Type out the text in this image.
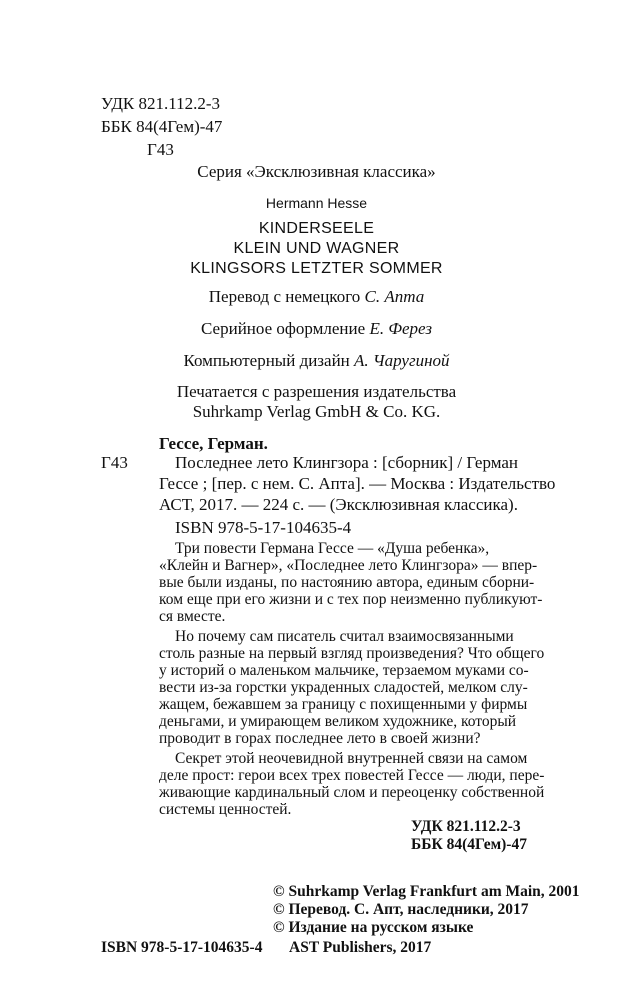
УДК 821.112.2-3
ББК 84(4Гем)-47
Г43
Серия «Эксклюзивная классика»
Hermann Hesse
KINDERSEELE
KLEIN UND WAGNER
KLINGSORS LETZTER SOMMER
Перевод с немецкого С. Апта
Серийное оформление Е. Ферез
Компьютерный дизайн А. Чаругиной
Печатается с разрешения издательства
Suhrkamp Verlag GmbH & Co. KG.
Гессе, Герман.
Г43	Последнее лето Клингзора : [сборник] / Герман
Гессе ; [пер. с нем. С. Апта]. — Москва : Издательство
АСТ, 2017. — 224 с. — (Эксклюзивная классика).
ISBN 978-5-17-104635-4
Три повести Германа Гессе — «Душа ребенка»,
«Клейн и Вагнер», «Последнее лето Клингзора» — впер-
вые были изданы, по настоянию автора, единым сборни-
ком еще при его жизни и с тех пор неизменно публикуют-
ся вместе.
Но почему сам писатель считал взаимосвязанными
столь разные на первый взгляд произведения? Что общего
у историй о маленьком мальчике, терзаемом муками со-
вести из-за горстки украденных сладостей, мелком слу-
жащем, бежавшем за границу с похищенными у фирмы
деньгами, и умирающем великом художнике, который
проводит в горах последнее лето в своей жизни?
Секрет этой неочевидной внутренней связи на самом
деле прост: герои всех трех повестей Гессе — люди, пере-
живающие кардинальный слом и переоценку собственной
системы ценностей.
УДК 821.112.2-3
ББК 84(4Гем)-47
© Suhrkamp Verlag Frankfurt am Main, 2001
© Перевод. С. Апт, наследники, 2017
© Издание на русском языке
ISBN 978-5-17-104635-4 AST Publishers, 2017
